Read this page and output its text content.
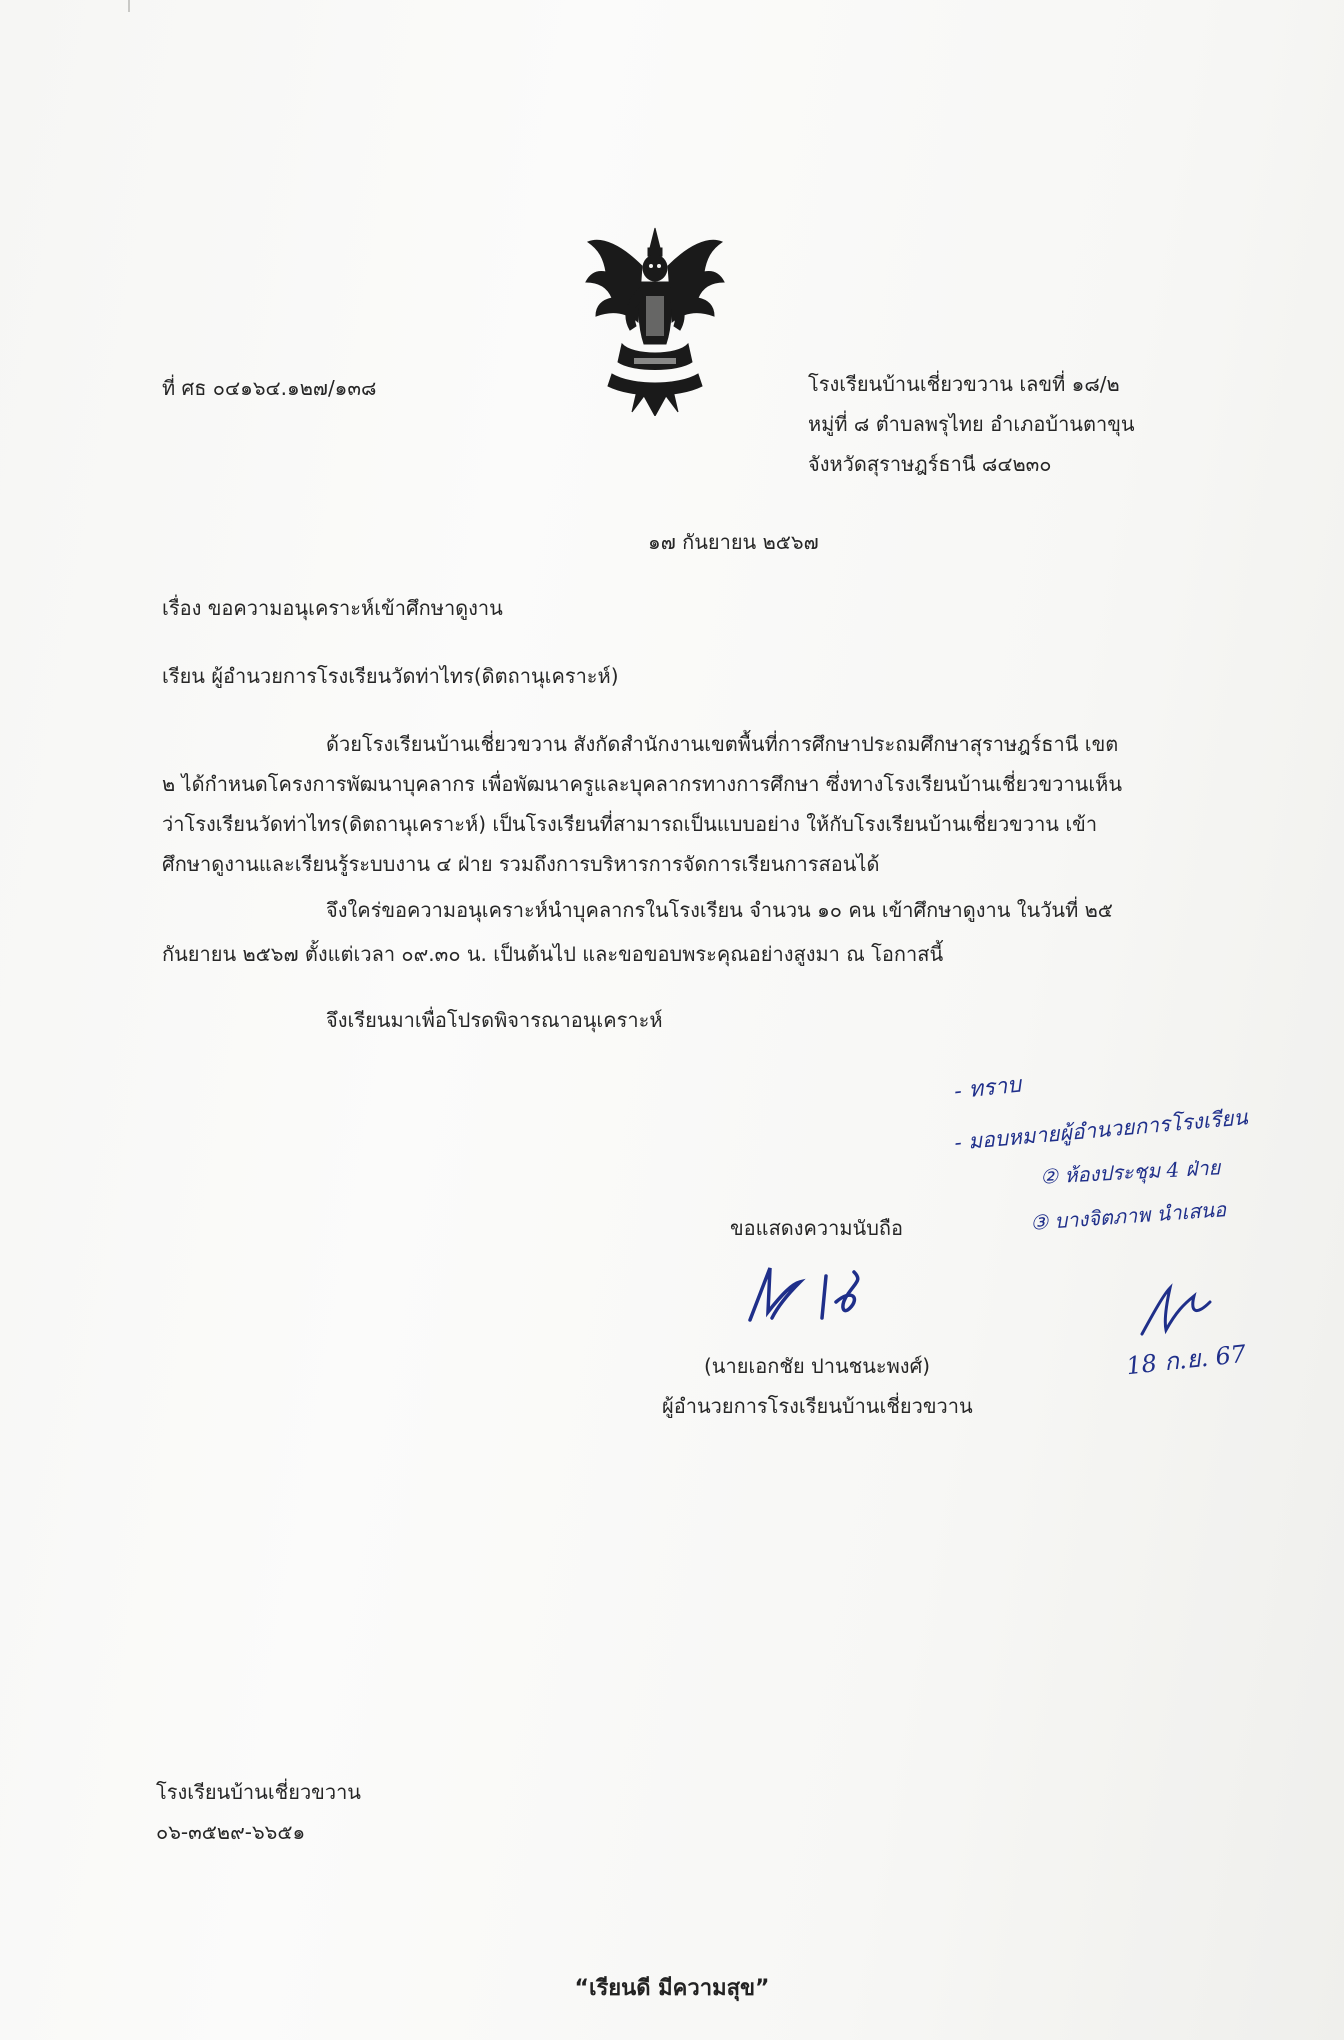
ที่ ศธ ๐๔๑๖๔.๑๒๗/๑๓๘	โรงเรียนบ้านเชี่ยวขวาน เลขที่ ๑๘/๒
หมู่ที่ ๘ ตำบลพรุไทย อำเภอบ้านตาขุน
จังหวัดสุราษฎร์ธานี ๘๔๒๓๐
๑๗ กันยายน ๒๕๖๗
เรื่อง ขอความอนุเคราะห์เข้าศึกษาดูงาน
เรียน ผู้อำนวยการโรงเรียนวัดท่าไทร(ดิตถานุเคราะห์)
ด้วยโรงเรียนบ้านเชี่ยวขวาน สังกัดสำนักงานเขตพื้นที่การศึกษาประถมศึกษาสุราษฎร์ธานี เขต
๒ ได้กำหนดโครงการพัฒนาบุคลากร เพื่อพัฒนาครูและบุคลากรทางการศึกษา ซึ่งทางโรงเรียนบ้านเชี่ยวขวานเห็น
ว่าโรงเรียนวัดท่าไทร(ดิตถานุเคราะห์) เป็นโรงเรียนที่สามารถเป็นแบบอย่าง ให้กับโรงเรียนบ้านเชี่ยวขวาน เข้า
ศึกษาดูงานและเรียนรู้ระบบงาน ๔ ฝ่าย รวมถึงการบริหารการจัดการเรียนการสอนได้
จึงใคร่ขอความอนุเคราะห์นำบุคลากรในโรงเรียน จำนวน ๑๐ คน เข้าศึกษาดูงาน ในวันที่ ๒๕
กันยายน ๒๕๖๗ ตั้งแต่เวลา ๐๙.๓๐ น. เป็นต้นไป และขอขอบพระคุณอย่างสูงมา ณ โอกาสนี้
จึงเรียนมาเพื่อโปรดพิจารณาอนุเคราะห์
- ทราบ
- มอบหมายผู้อำนวยการโรงเรียน
② ห้องประชุม 4 ฝ่าย
③ บางจิตภาพ นำเสนอ
18 ก.ย. 67
ขอแสดงความนับถือ
(นายเอกชัย ปานชนะพงศ์)
ผู้อำนวยการโรงเรียนบ้านเชี่ยวขวาน
โรงเรียนบ้านเชี่ยวขวาน
๐๖-๓๕๒๙-๖๖๕๑
“เรียนดี มีความสุข”
